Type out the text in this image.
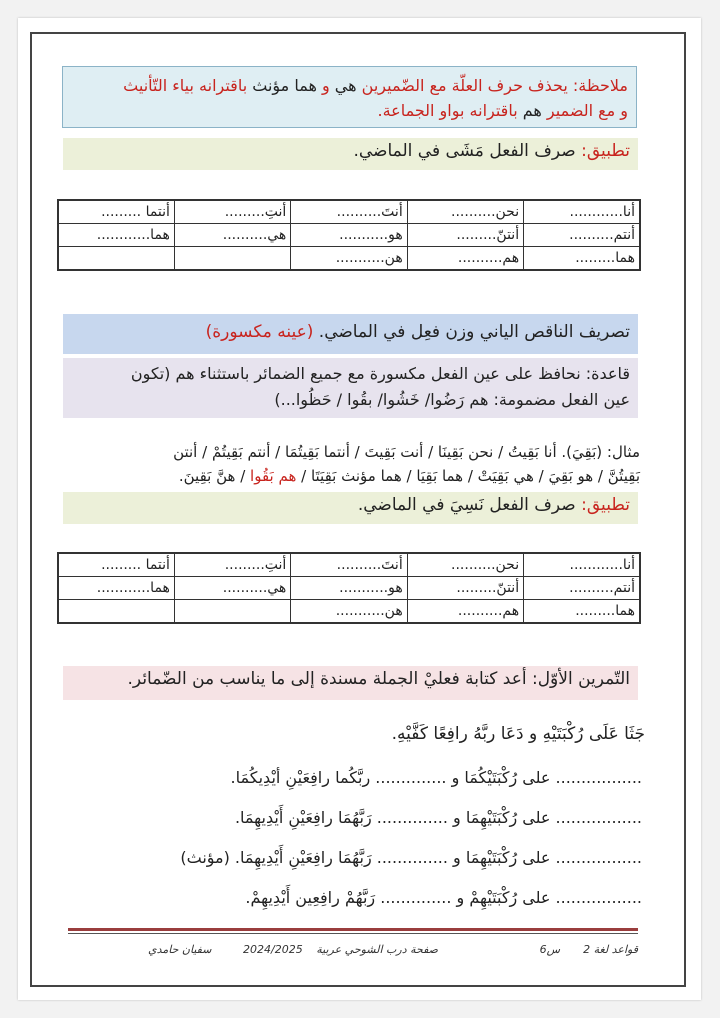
ملاحظة: يحذف حرف العلّة مع الضّميرين هي و هما مؤنث باقترانه بياء التّأنيث
و مع الضمير هم باقترانه بواو الجماعة.
تطبيق: صرف الفعل مَشَى في الماضي.
أنا............	نحن..........	أنتَ..........	أنتِ.........	أنتما .........
أنتم..........	أنتنّ.........	هو...........	هي..........	هما............
هما.........	هم..........	هن...........		
تصريف الناقص الياني وزن فعِل في الماضي. (عينه مكسورة)
قاعدة: نحافظ على عين الفعل مكسورة مع جميع الضمائر باستثناء هم (تكون
عين الفعل مضمومة: هم رَضُوا/ خَشُوا/ بقُوا / حَظُوا...)
مثال: (بَقِيَ). أنا بَقِيتُ / نحن بَقِينَا / أنت بَقِيتَ / أنتما بَقِيتُمَا / أنتم بَقِيتُمْ / أنتن
بَقِيتُنَّ / هو بَقِيَ / هي بَقِيَتْ / هما بَقِيَا / هما مؤنث بَقِيَتَا / هم بَقُوا / هنَّ بَقِينَ.
تطبيق: صرف الفعل نَسِيَ في الماضي.
أنا............	نحن..........	أنتَ..........	أنتِ.........	أنتما .........
أنتم..........	أنتنّ.........	هو...........	هي..........	هما............
هما.........	هم..........	هن...........		
التّمرين الأوّل: أعد كتابة فعليْ الجملة مسندة إلى ما يناسب من الضّمائر.
جَثَا عَلَى رُكْبَتَيْهِ و دَعَا ربَّهُ رافِعًا كَفَّيْهِ.
................. على رُكْبَتَيْكُمَا و .............. ربَّكُما رافِعَيْنِ أيْدِيكُمَا.
................. على رُكْبَتَيْهِمَا و .............. رَبَّهُمَا رافِعَيْنِ أَيْدِيهِمَا.
................. على رُكْبَتَيْهِمَا و .............. رَبَّهُمَا رافِعَيْنِ أَيْدِيهِمَا. (مؤنث)
................. على رُكْبَتَيْهِمْ و .............. رَبَّهُمْ رافِعِين أَيْدِيهِمْ.
2 قواعد لغة
س6
صفحة درب الشوحي عربية
2024/2025
سفيان حامدي
